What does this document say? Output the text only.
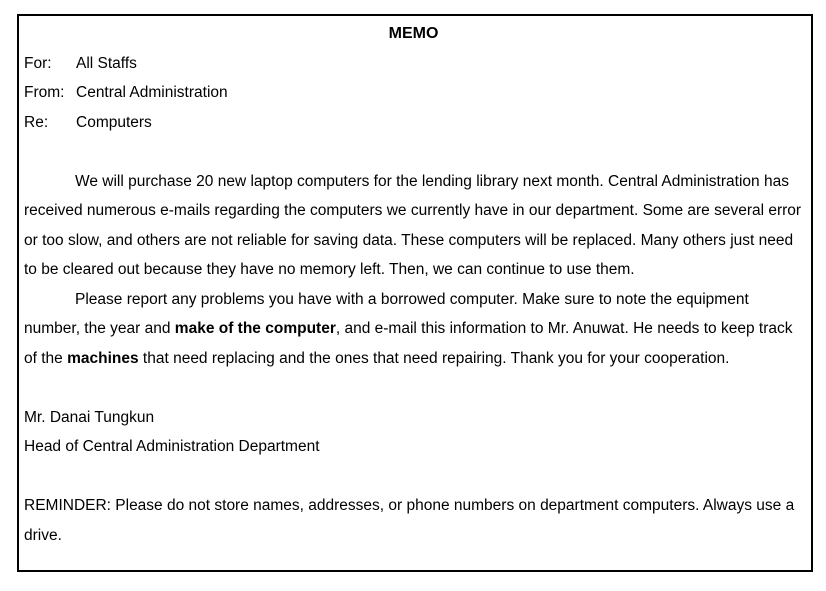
MEMO
For:	All Staffs
From: Central Administration
Re:	Computers

We will purchase 20 new laptop computers for the lending library next month. Central Administration has received numerous e-mails regarding the computers we currently have in our department. Some are several error or too slow, and others are not reliable for saving data. These computers will be replaced. Many others just need to be cleared out because they have no memory left. Then, we can continue to use them.

Please report any problems you have with a borrowed computer. Make sure to note the equipment number, the year and make of the computer, and e-mail this information to Mr. Anuwat. He needs to keep track of the machines that need replacing and the ones that need repairing. Thank you for your cooperation.

Mr. Danai Tungkun
Head of Central Administration Department

REMINDER: Please do not store names, addresses, or phone numbers on department computers. Always use a drive.
